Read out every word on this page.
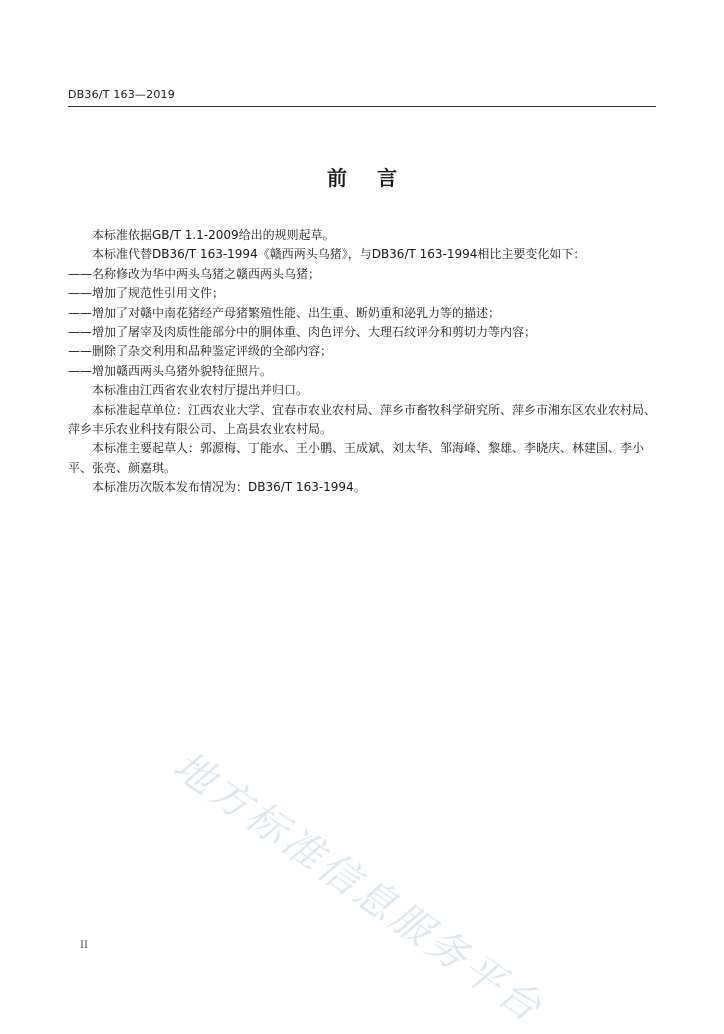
DB36/T 163—2019
前言

本标准依据GB/T 1.1-2009给出的规则起草。

本标准代替DB36/T 163-1994《赣西两头乌猪》，与DB36/T 163-1994相比主要变化如下：

——名称修改为华中两头乌猪之赣西两头乌猪；

——增加了规范性引用文件；

——增加了对赣中南花猪经产母猪繁殖性能、出生重、断奶重和泌乳力等的描述；

——增加了屠宰及肉质性能部分中的胴体重、肉色评分、大理石纹评分和剪切力等内容；

——删除了杂交利用和品种鉴定评级的全部内容；

——增加赣西两头乌猪外貌特征照片。

本标准由江西省农业农村厅提出并归口。

本标准起草单位：江西农业大学、宜春市农业农村局、萍乡市畜牧科学研究所、萍乡市湘东区农业农村局、萍乡丰乐农业科技有限公司、上高县农业农村局。

本标准主要起草人：郭源梅、丁能水、王小鹏、王成斌、刘太华、邹海峰、黎雄、李晓庆、林建国、李小平、张亮、颜嘉琪。

本标准历次版本发布情况为：DB36/T 163-1994。

地方标准信息服务平台
II
